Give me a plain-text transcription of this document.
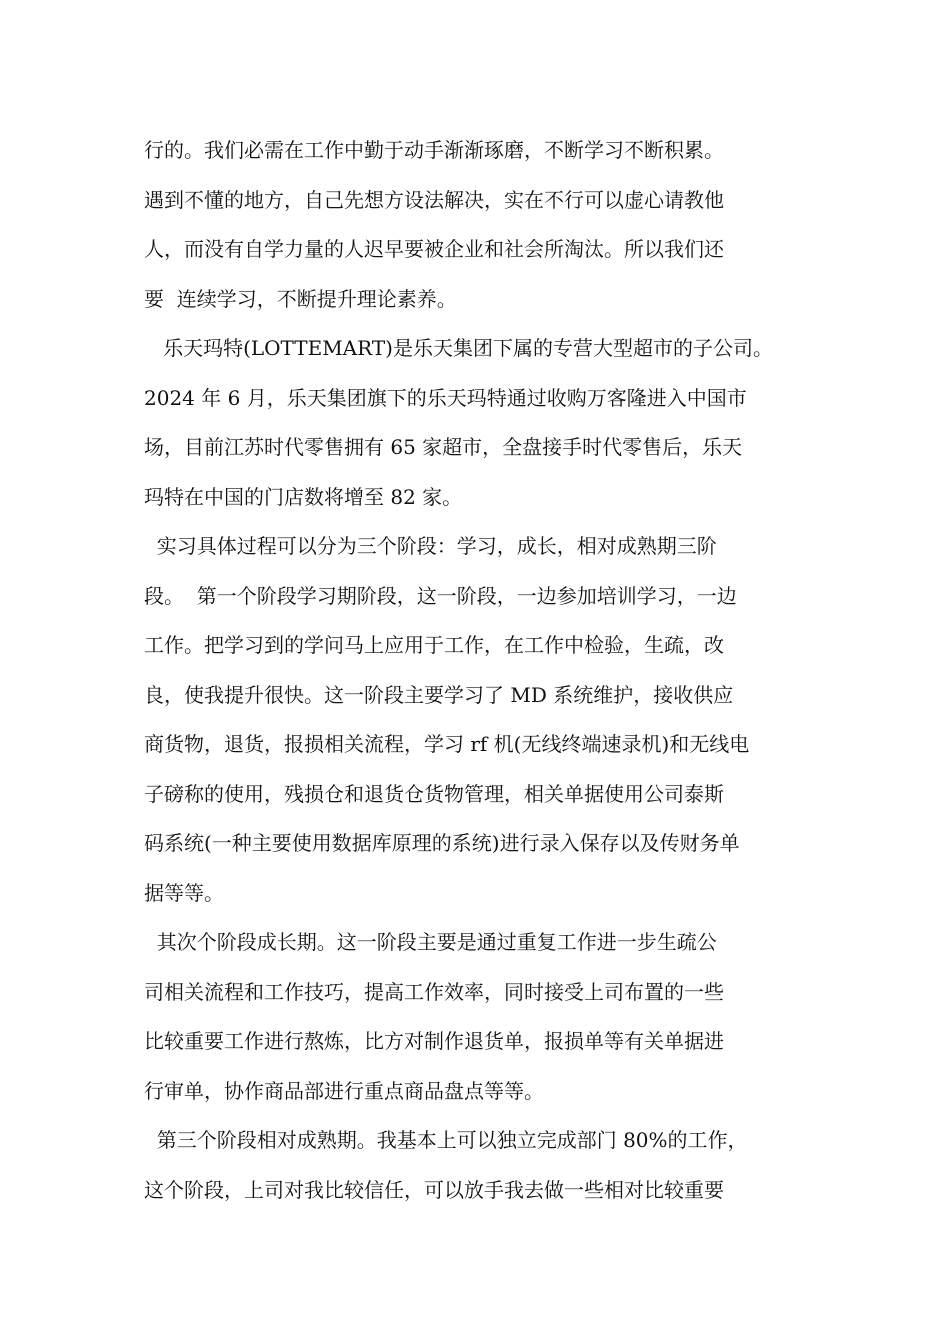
行的。我们必需在工作中勤于动手渐渐琢磨，不断学习不断积累。
遇到不懂的地方，自己先想方设法解决，实在不行可以虚心请教他
人，而没有自学力量的人迟早要被企业和社会所淘汰。所以我们还
要  连续学习，不断提升理论素养。
乐天玛特(LOTTEMART)是乐天集团下属的专营大型超市的子公司。
2024 年 6 月，乐天集团旗下的乐天玛特通过收购万客隆进入中国市
场，目前江苏时代零售拥有 65 家超市，全盘接手时代零售后，乐天
玛特在中国的门店数将增至 82 家。
实习具体过程可以分为三个阶段：学习，成长，相对成熟期三阶
段。  第一个阶段学习期阶段，这一阶段，一边参加培训学习，一边
工作。把学习到的学问马上应用于工作，在工作中检验，生疏，改
良，使我提升很快。这一阶段主要学习了 MD 系统维护，接收供应
商货物，退货，报损相关流程，学习 rf 机(无线终端速录机)和无线电
子磅称的使用，残损仓和退货仓货物管理，相关单据使用公司泰斯
码系统(一种主要使用数据库原理的系统)进行录入保存以及传财务单
据等等。
其次个阶段成长期。这一阶段主要是通过重复工作进一步生疏公
司相关流程和工作技巧，提高工作效率，同时接受上司布置的一些
比较重要工作进行熬炼，比方对制作退货单，报损单等有关单据进
行审单，协作商品部进行重点商品盘点等等。
第三个阶段相对成熟期。我基本上可以独立完成部门 80%的工作，
这个阶段，上司对我比较信任，可以放手我去做一些相对比较重要
